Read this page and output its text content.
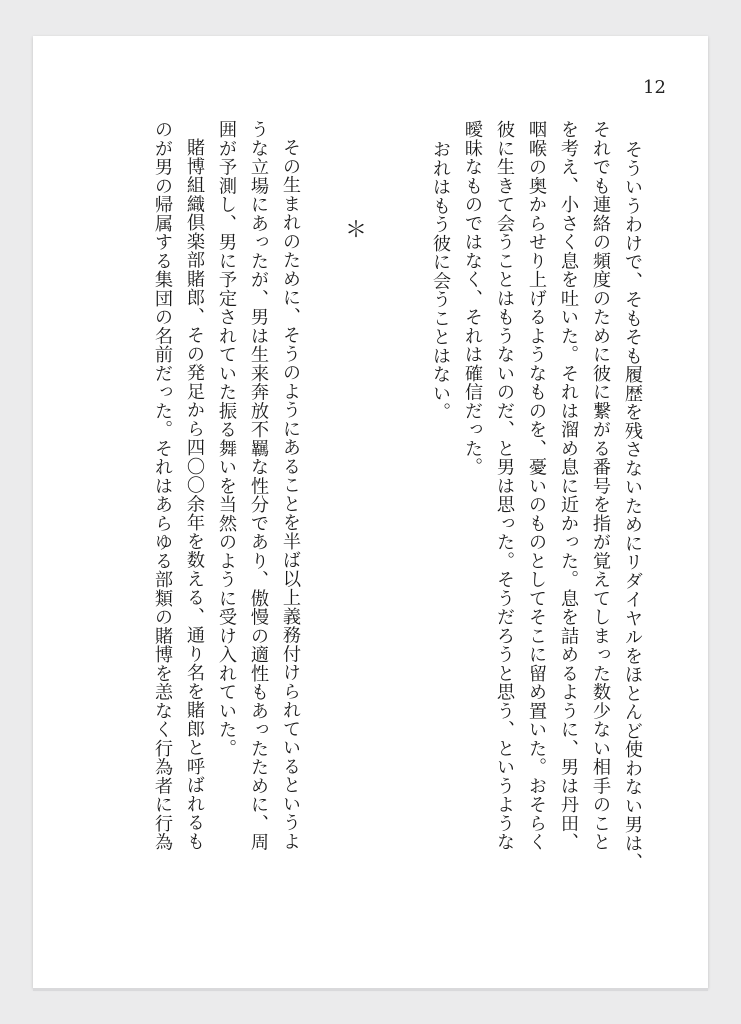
12
そういうわけで、そもそも履歴を残さないためにリダイヤルをほとんど使わない男は、
それでも連絡の頻度のために彼に繋がる番号を指が覚えてしまった数少ない相手のこと
を考え、小さく息を吐いた。それは溜め息に近かった。息を詰めるように、男は丹田、
咽喉の奥からせり上げるようなものを、憂いのものとしてそこに留め置いた。おそらく
彼に生きて会うことはもうないのだ、と男は思った。そうだろうと思う、というような
曖昧なものではなく、それは確信だった。
おれはもう彼に会うことはない。
＊
その生まれのために、そうのようにあることを半ば以上義務付けられているというよ
うな立場にあったが、男は生来奔放不羈な性分であり、傲慢の適性もあったために、周
囲が予測し、男に予定されていた振る舞いを当然のように受け入れていた。
賭博組織倶楽部賭郎、その発足から四〇〇余年を数える、通り名を賭郎と呼ばれるも
のが男の帰属する集団の名前だった。それはあらゆる部類の賭博を恙なく行為者に行為
